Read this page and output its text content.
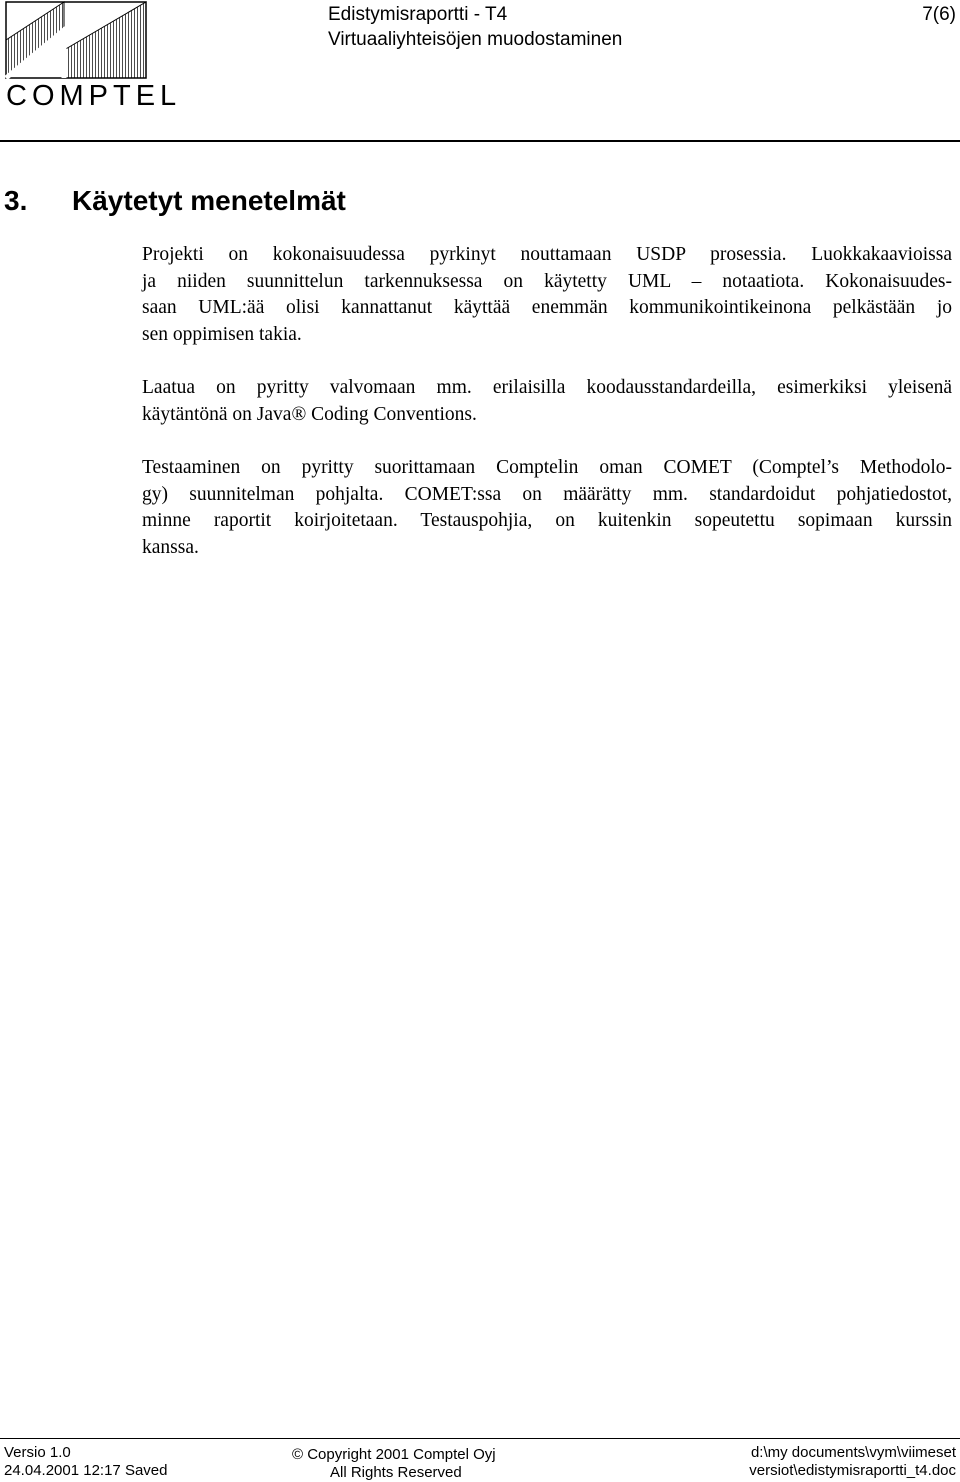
COMPTEL
Edistymisraportti - T4
Virtuaaliyhteisöjen muodostaminen
7(6)
3. Käytetyt menetelmät
Projekti on kokonaisuudessa pyrkinyt nouttamaan USDP prosessia. Luokkakaavioissa
ja niiden suunnittelun tarkennuksessa on käytetty UML – notaatiota. Kokonaisuudes-
saan UML:ää olisi kannattanut käyttää enemmän kommunikointikeinona pelkästään jo
sen oppimisen takia.
Laatua on pyritty valvomaan mm. erilaisilla koodausstandardeilla, esimerkiksi yleisenä
käytäntönä on Java® Coding Conventions.
Testaaminen on pyritty suorittamaan Comptelin oman COMET (Comptel’s Methodolo-
gy) suunnitelman pohjalta. COMET:ssa on määrätty mm. standardoidut pohjatiedostot,
minne raportit koirjoitetaan. Testauspohjia, on kuitenkin sopeutettu sopimaan kurssin
kanssa.
Versio 1.0
24.04.2001 12:17 Saved
© Copyright 2001 Comptel Oyj
All Rights Reserved
d:\my documents\vym\viimeset
versiot\edistymisraportti_t4.doc
